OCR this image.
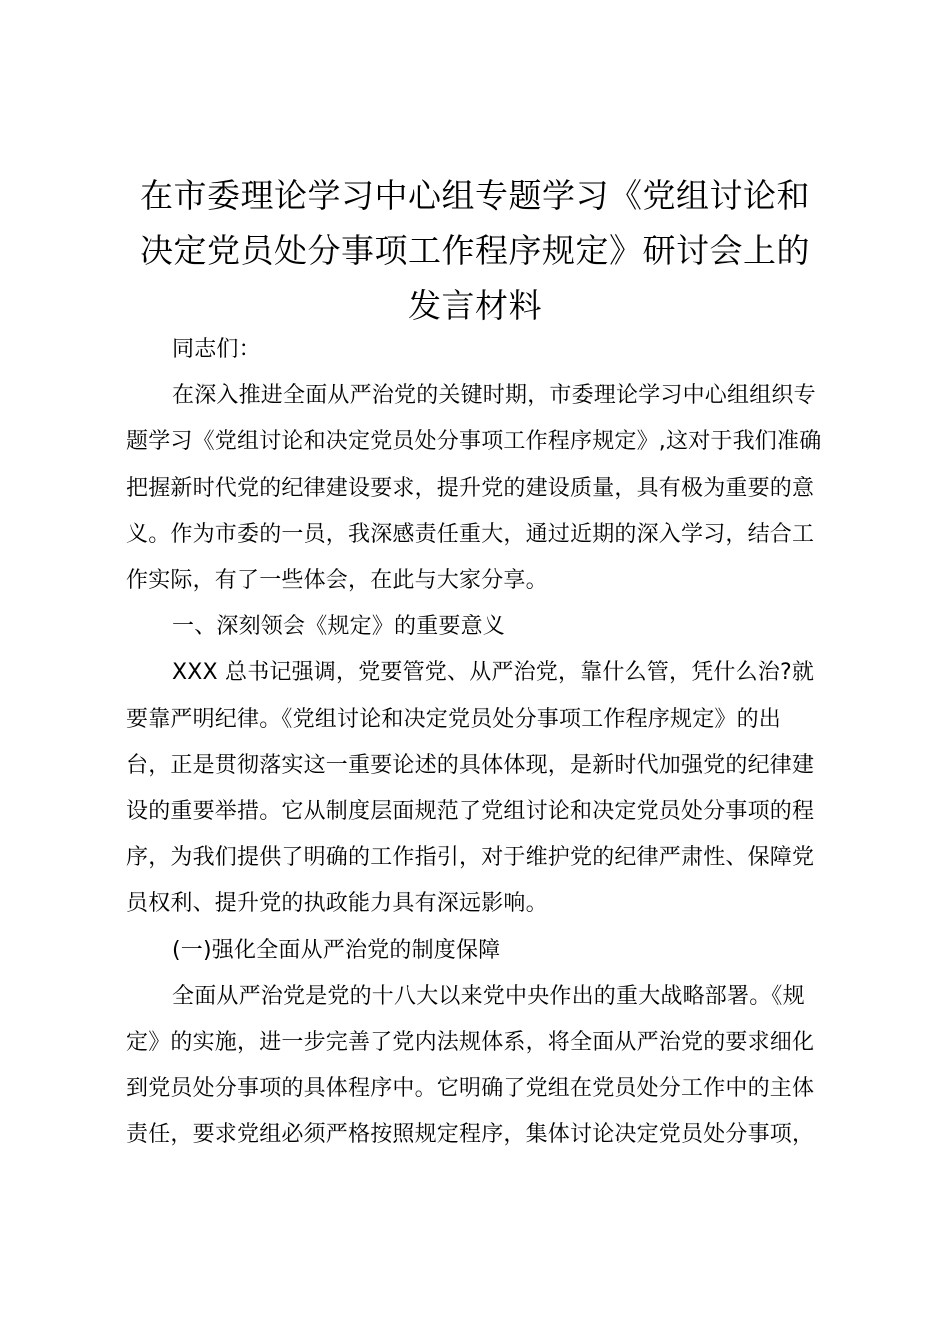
在市委理论学习中心组专题学习《党组讨论和
决定党员处分事项工作程序规定》研讨会上的
发言材料

同志们：

在深入推进全面从严治党的关键时期，市委理论学习中心组组织专
题学习《党组讨论和决定党员处分事项工作程序规定》,这对于我们准确
把握新时代党的纪律建设要求，提升党的建设质量，具有极为重要的意
义。作为市委的一员，我深感责任重大，通过近期的深入学习，结合工
作实际，有了一些体会，在此与大家分享。

一、深刻领会《规定》的重要意义

XXX 总书记强调，党要管党、从严治党，靠什么管，凭什么治?就
要靠严明纪律。《党组讨论和决定党员处分事项工作程序规定》的出
台，正是贯彻落实这一重要论述的具体体现，是新时代加强党的纪律建
设的重要举措。它从制度层面规范了党组讨论和决定党员处分事项的程
序，为我们提供了明确的工作指引，对于维护党的纪律严肃性、保障党
员权利、提升党的执政能力具有深远影响。

(一)强化全面从严治党的制度保障

全面从严治党是党的十八大以来党中央作出的重大战略部署。《规
定》的实施，进一步完善了党内法规体系，将全面从严治党的要求细化
到党员处分事项的具体程序中。它明确了党组在党员处分工作中的主体
责任，要求党组必须严格按照规定程序，集体讨论决定党员处分事项，
